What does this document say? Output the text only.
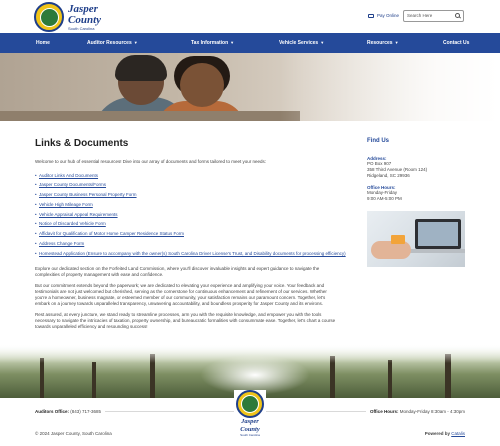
Jasper
County
South Carolina
Pay Online Search Here
Home	Auditor Resources ▼	Tax Information ▼	Vehicle Services ▼	Resources ▼	Contact Us
Links & Documents

Welcome to our hub of essential resources! Dive into our array of documents and forms tailored to meet your needs:

• Auditor Links And Documents
• Jasper County Documents/Forms
• Jasper County Business Personal Property Form
• Vehicle High Mileage Form
• Vehicle Appraisal Appeal Requirements
• Notice of Discarded Vehicle Form
• Affidavit for Qualification of Motor Home Camper Residence Status Form
• Address Change Form
• Homestead Application (Ensure to accompany with the owner(s) South Carolina Driver License's Trust, and Disability documents for processing efficiency)

Explore our dedicated section on the Forfeited Land Commission, where you'll discover invaluable insights and expert guidance to navigate the complexities of property management with ease and confidence.

But our commitment extends beyond the paperwork; we are dedicated to elevating your experience and amplifying your voice. Your feedback and testimonials are not just welcomed but cherished, serving as the cornerstone for continuous enhancement and refinement of our services. Whether you're a homeowner, business magnate, or esteemed member of our community, your satisfaction remains our paramount concern. Together, let's embark on a journey towards unparalleled transparency, unwavering accountability, and boundless prosperity for Jasper County and its environs.

Rest assured, at every juncture, we stand ready to streamline processes, arm you with the requisite knowledge, and empower you with the tools necessary to navigate the intricacies of taxation, property ownership, and bureaucratic formalities with consummate ease. Together, let's chart a course towards unparalleled efficiency and resounding success!

Find Us
Address:
PO Box 907
358 Third Avenue (Room 124)
Ridgeland, SC 29936
Office Hours:
Monday-Friday
9:00 AM-5:00 PM
Auditors Office: (843) 717-3685	Office Hours: Monday-Friday 8:30am - 4:30pm
Jasper
County
South Carolina
© 2024 Jasper County, South Carolina	Powered by Catalis
